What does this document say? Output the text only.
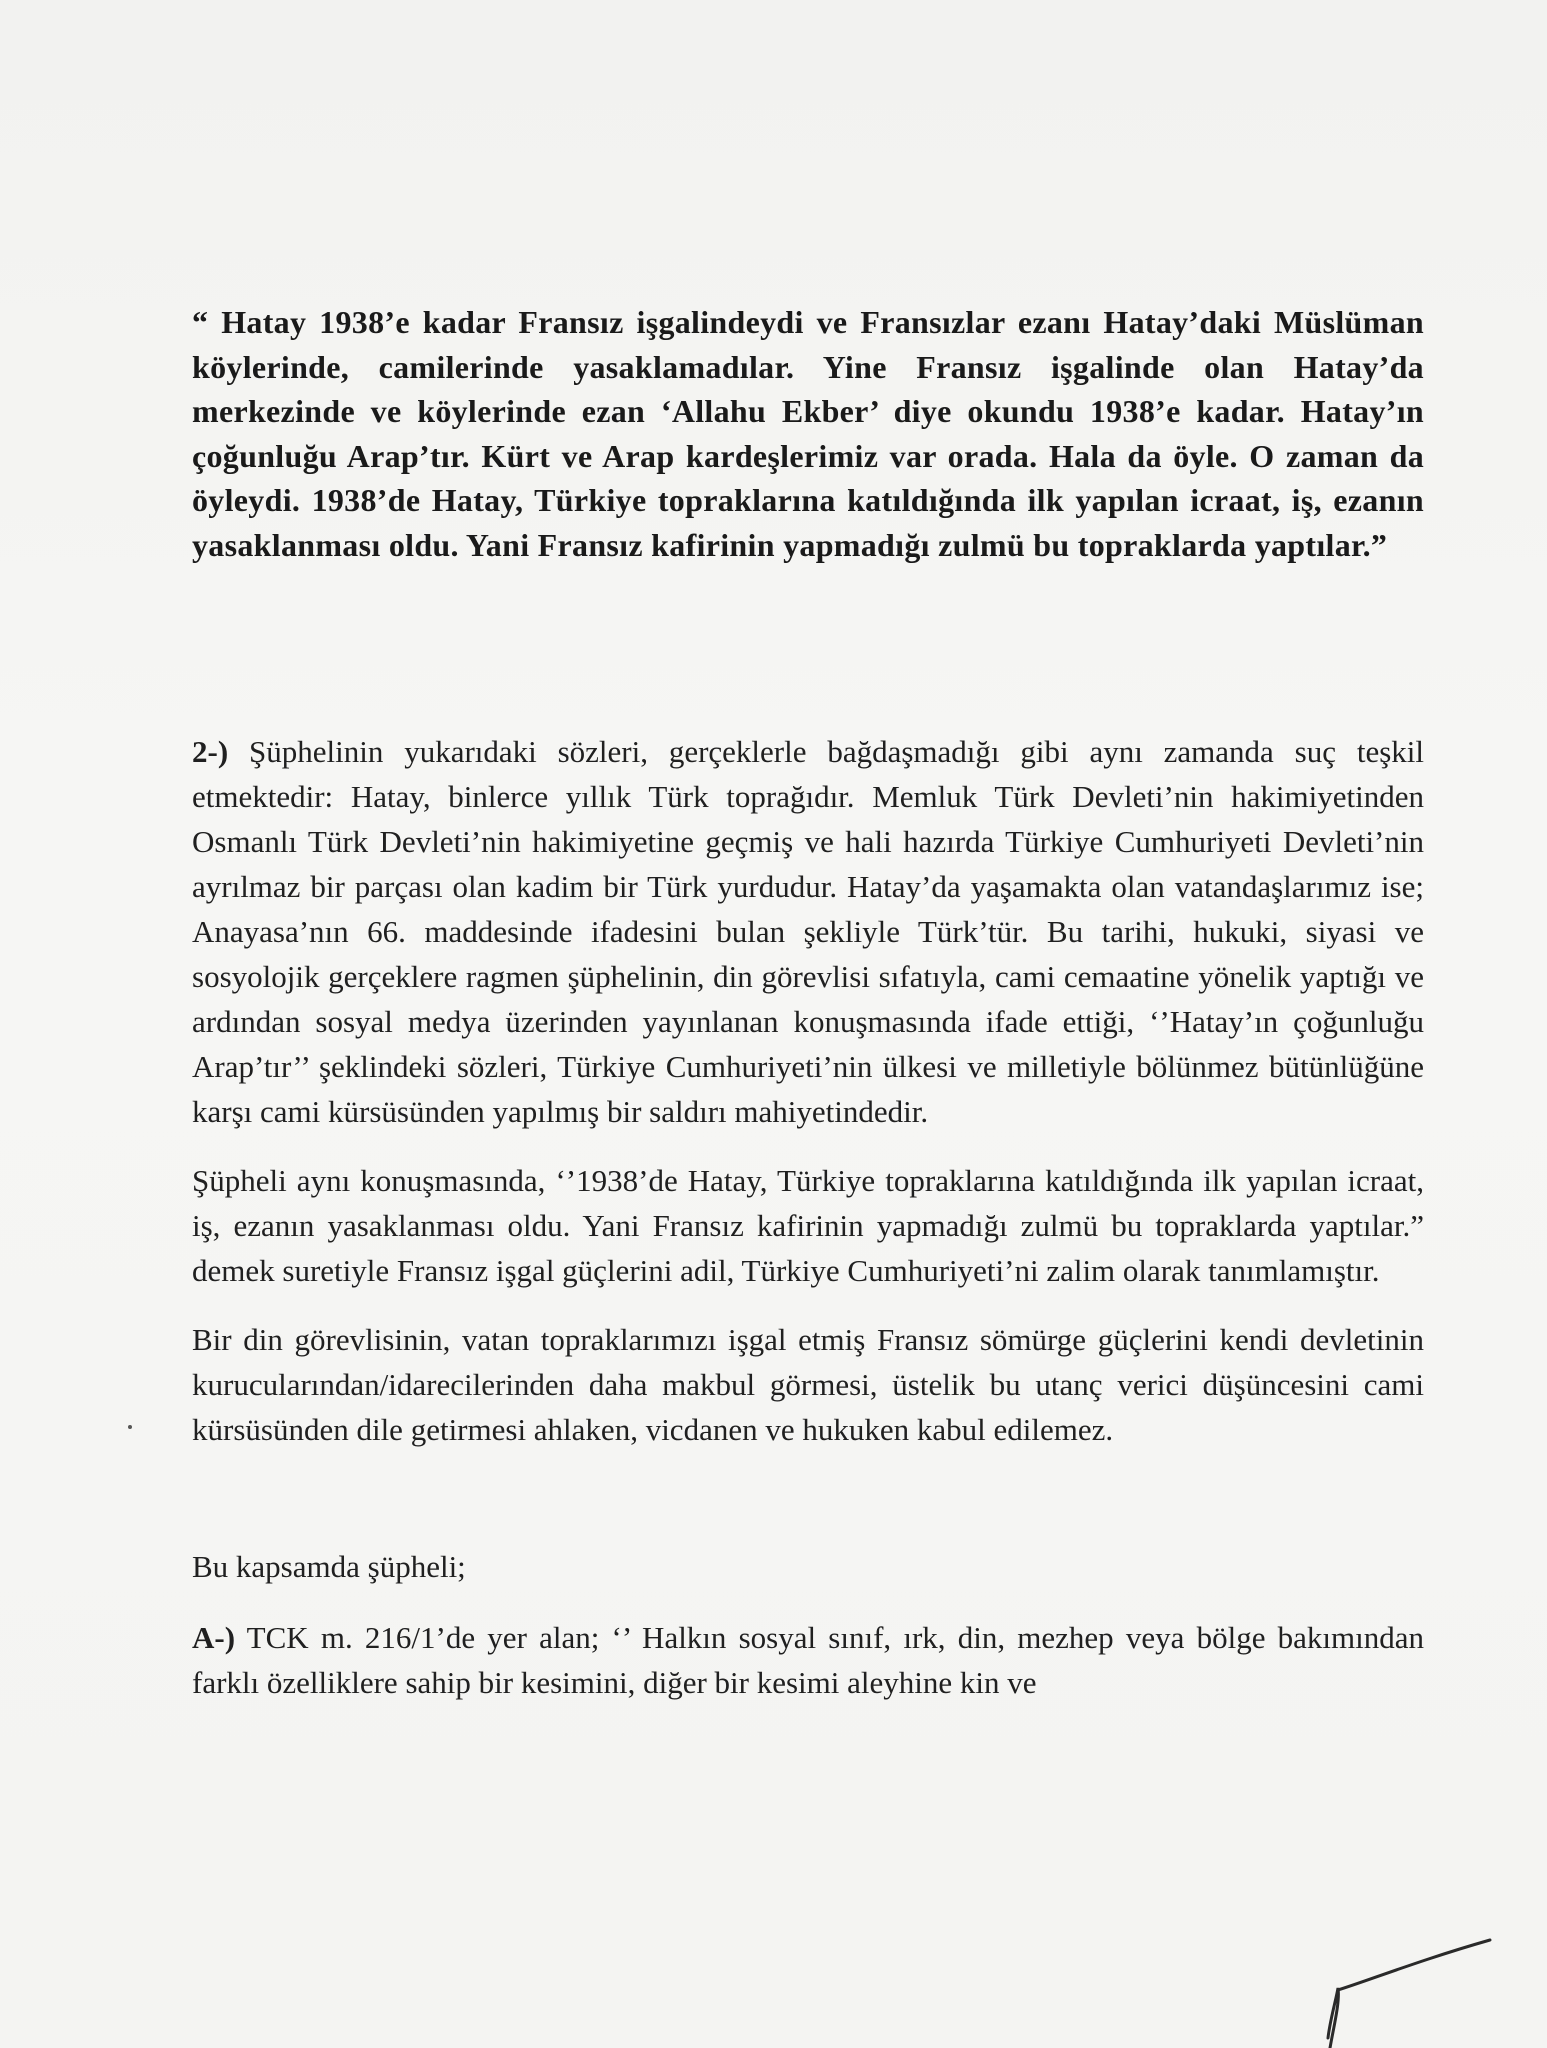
“ Hatay 1938’e kadar Fransız işgalindeydi ve Fransızlar ezanı Hatay’daki Müslüman köylerinde, camilerinde yasaklamadılar. Yine Fransız işgalinde olan Hatay’da merkezinde ve köylerinde ezan ‘Allahu Ekber’ diye okundu 1938’e kadar. Hatay’ın çoğunluğu Arap’tır. Kürt ve Arap kardeşlerimiz var orada. Hala da öyle. O zaman da öyleydi. 1938’de Hatay, Türkiye topraklarına katıldığında ilk yapılan icraat, iş, ezanın yasaklanması oldu. Yani Fransız kafirinin yapmadığı zulmü bu topraklarda yaptılar.”

2-) Şüphelinin yukarıdaki sözleri, gerçeklerle bağdaşmadığı gibi aynı zamanda suç teşkil etmektedir: Hatay, binlerce yıllık Türk toprağıdır. Memluk Türk Devleti’nin hakimiyetinden Osmanlı Türk Devleti’nin hakimiyetine geçmiş ve hali hazırda Türkiye Cumhuriyeti Devleti’nin ayrılmaz bir parçası olan kadim bir Türk yurdudur. Hatay’da yaşamakta olan vatandaşlarımız ise; Anayasa’nın 66. maddesinde ifadesini bulan şekliyle Türk’tür. Bu tarihi, hukuki, siyasi ve sosyolojik gerçeklere ragmen şüphelinin, din görevlisi sıfatıyla, cami cemaatine yönelik yaptığı ve ardından sosyal medya üzerinden yayınlanan konuşmasında ifade ettiği, ‘’Hatay’ın çoğunluğu Arap’tır’’ şeklindeki sözleri, Türkiye Cumhuriyeti’nin ülkesi ve milletiyle bölünmez bütünlüğüne karşı cami kürsüsünden yapılmış bir saldırı mahiyetindedir.

Şüpheli aynı konuşmasında, ‘’1938’de Hatay, Türkiye topraklarına katıldığında ilk yapılan icraat, iş, ezanın yasaklanması oldu. Yani Fransız kafirinin yapmadığı zulmü bu topraklarda yaptılar.” demek suretiyle Fransız işgal güçlerini adil, Türkiye Cumhuriyeti’ni zalim olarak tanımlamıştır.

Bir din görevlisinin, vatan topraklarımızı işgal etmiş Fransız sömürge güçlerini kendi devletinin kurucularından/idarecilerinden daha makbul görmesi, üstelik bu utanç verici düşüncesini cami kürsüsünden dile getirmesi ahlaken, vicdanen ve hukuken kabul edilemez.

Bu kapsamda şüpheli;

A-) TCK m. 216/1’de yer alan; ‘’ Halkın sosyal sınıf, ırk, din, mezhep veya bölge bakımından farklı özelliklere sahip bir kesimini, diğer bir kesimi aleyhine kin ve
